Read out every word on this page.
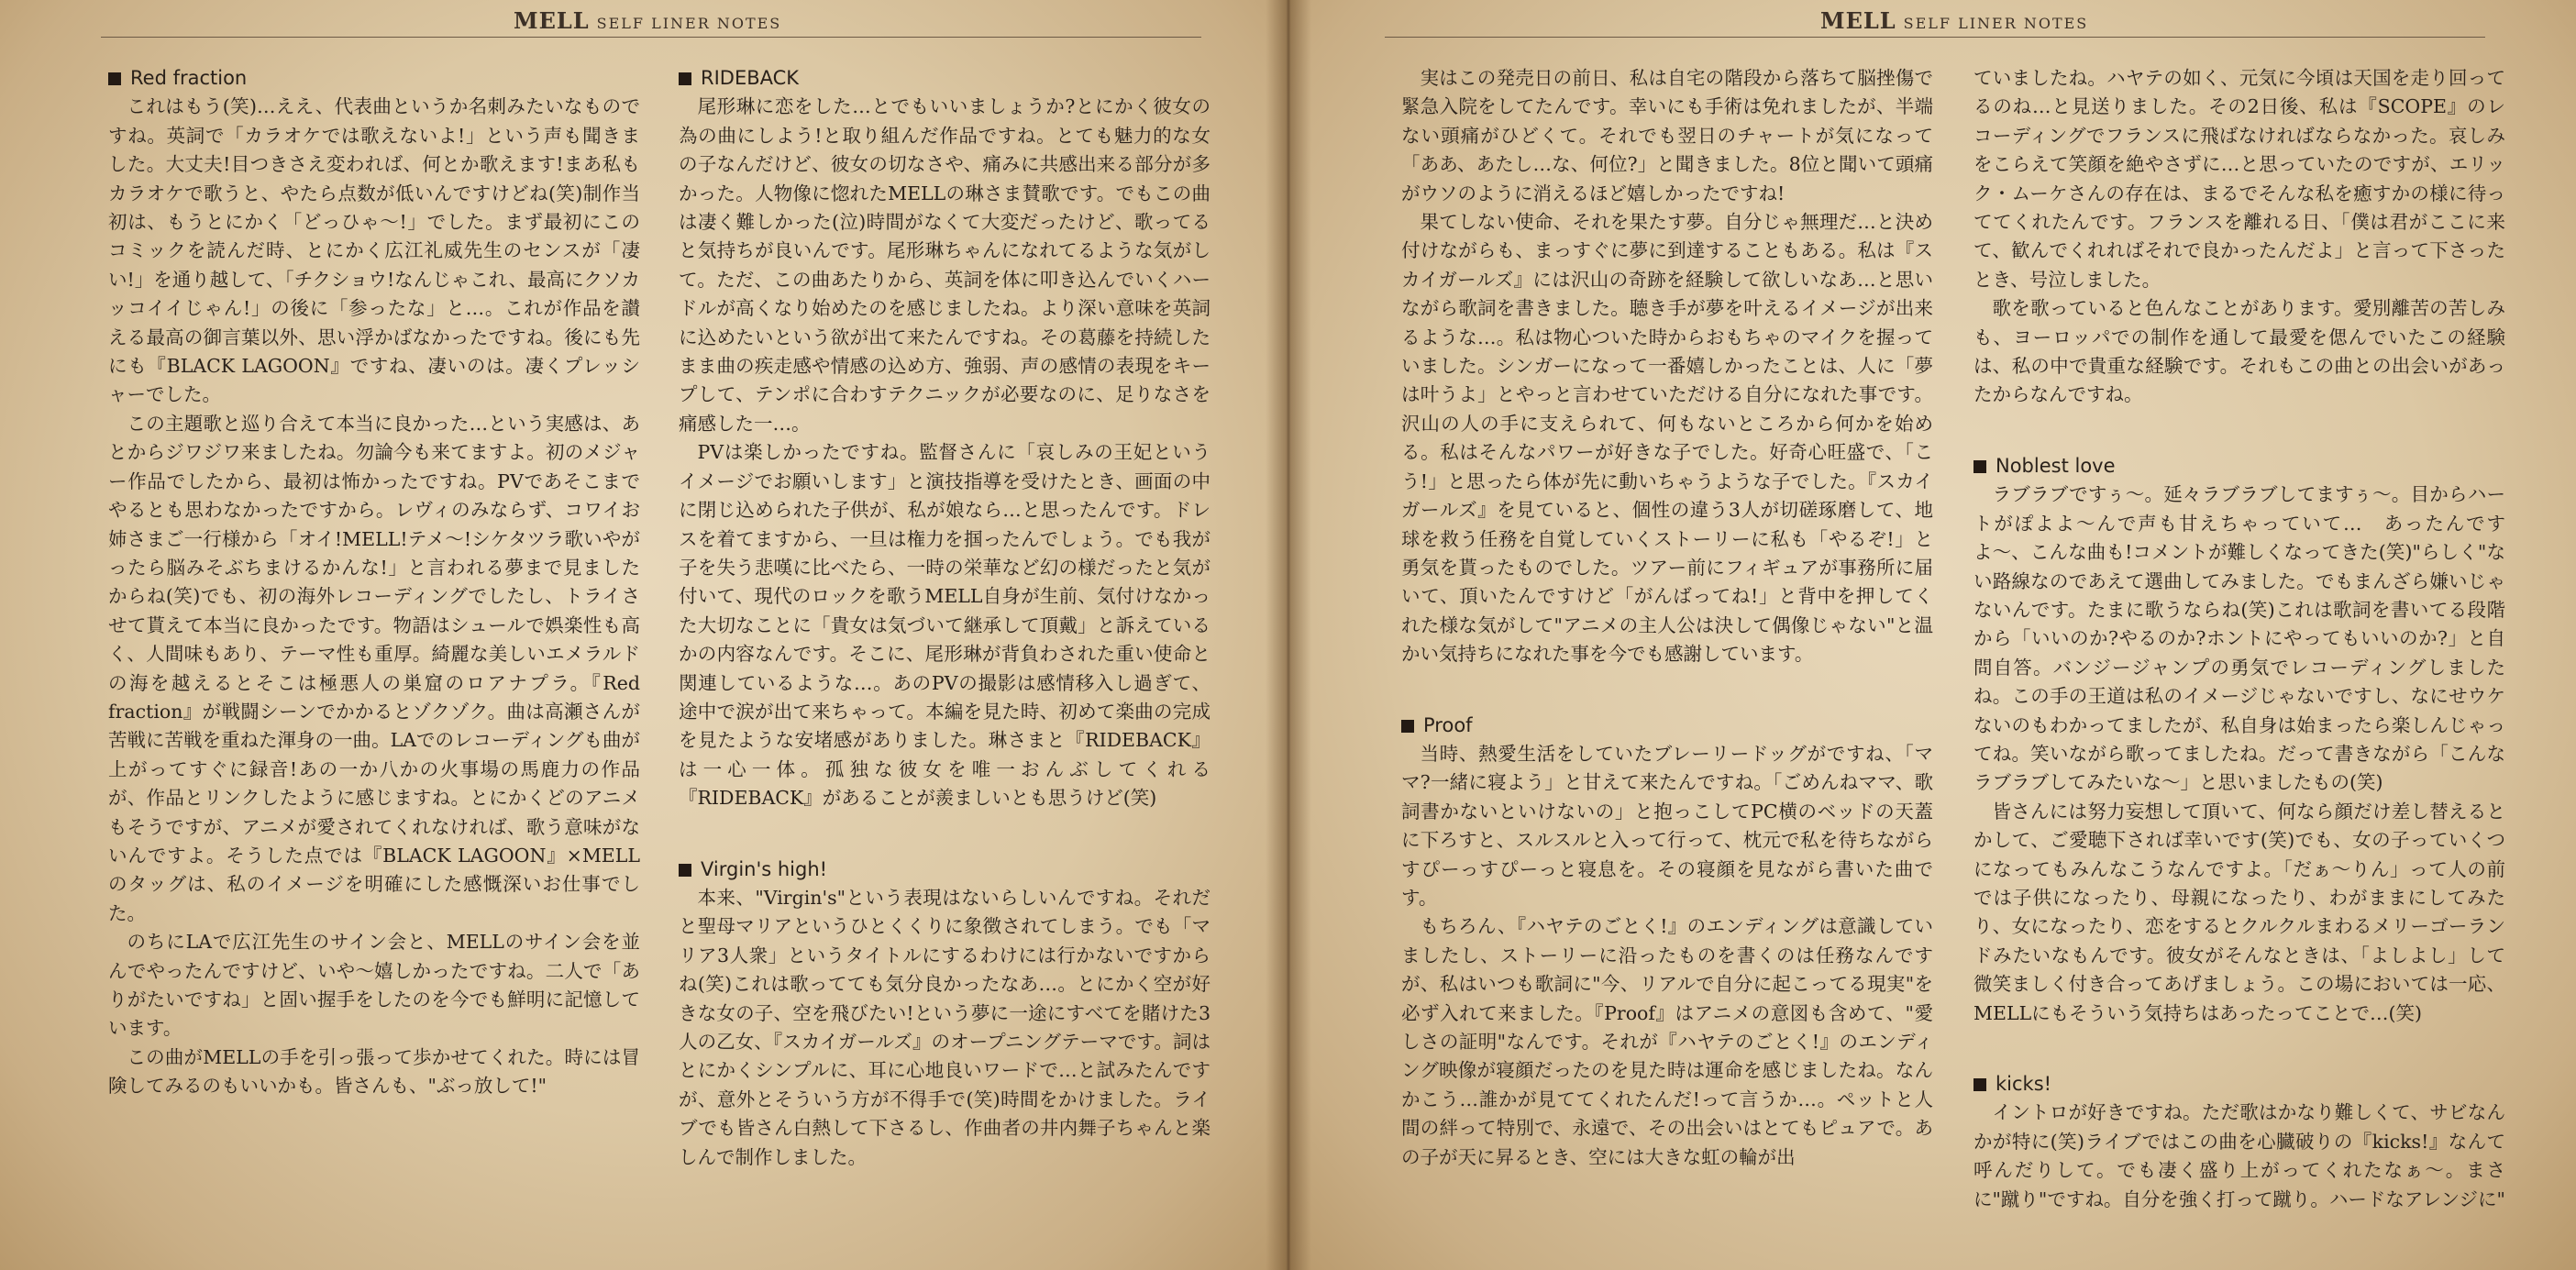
MELL SELF LINER NOTES
Red fraction

これはもう(笑)…ええ、代表曲というか名刺みたいなものですね。英詞で「カラオケでは歌えないよ!」という声も聞きました。大丈夫!目つきさえ変われば、何とか歌えます!まあ私もカラオケで歌うと、やたら点数が低いんですけどね(笑)制作当初は、もうとにかく「どっひゃ〜!」でした。まず最初にこのコミックを読んだ時、とにかく広江礼威先生のセンスが「凄い!」を通り越して、「チクショウ!なんじゃこれ、最高にクソカッコイイじゃん!」の後に「参ったな」と…。これが作品を讃える最高の御言葉以外、思い浮かばなかったですね。後にも先にも『BLACK LAGOON』ですね、凄いのは。凄くプレッシャーでした。

この主題歌と巡り合えて本当に良かった…という実感は、あとからジワジワ来ましたね。勿論今も来てますよ。初のメジャー作品でしたから、最初は怖かったですね。PVであそこまでやるとも思わなかったですから。レヴィのみならず、コワイお姉さまご一行様から「オイ!MELL!テメ〜!シケタツラ歌いやがったら脳みそぶちまけるかんな!」と言われる夢まで見ましたからね(笑)でも、初の海外レコーディングでしたし、トライさせて貰えて本当に良かったです。物語はシュールで娯楽性も高く、人間味もあり、テーマ性も重厚。綺麗な美しいエメラルドの海を越えるとそこは極悪人の巣窟のロアナプラ。『Red fraction』が戦闘シーンでかかるとゾクゾク。曲は高瀬さんが苦戦に苦戦を重ねた渾身の一曲。LAでのレコーディングも曲が上がってすぐに録音!あの一か八かの火事場の馬鹿力の作品が、作品とリンクしたように感じますね。とにかくどのアニメもそうですが、アニメが愛されてくれなければ、歌う意味がないんですよ。そうした点では『BLACK LAGOON』×MELLのタッグは、私のイメージを明確にした感慨深いお仕事でした。

のちにLAで広江先生のサイン会と、MELLのサイン会を並んでやったんですけど、いや〜嬉しかったですね。二人で「ありがたいですね」と固い握手をしたのを今でも鮮明に記憶しています。

この曲がMELLの手を引っ張って歩かせてくれた。時には冒険してみるのもいいかも。皆さんも、"ぶっ放して!"

RIDEBACK

尾形琳に恋をした…とでもいいましょうか?とにかく彼女の為の曲にしよう!と取り組んだ作品ですね。とても魅力的な女の子なんだけど、彼女の切なさや、痛みに共感出来る部分が多かった。人物像に惚れたMELLの琳さま賛歌です。でもこの曲は凄く難しかった(泣)時間がなくて大変だったけど、歌ってると気持ちが良いんです。尾形琳ちゃんになれてるような気がして。ただ、この曲あたりから、英詞を体に叩き込んでいくハードルが高くなり始めたのを感じましたね。より深い意味を英詞に込めたいという欲が出て来たんですね。その葛藤を持続したまま曲の疾走感や情感の込め方、強弱、声の感情の表現をキープして、テンポに合わすテクニックが必要なのに、足りなさを痛感した一…。

PVは楽しかったですね。監督さんに「哀しみの王妃というイメージでお願いします」と演技指導を受けたとき、画面の中に閉じ込められた子供が、私が娘なら…と思ったんです。ドレスを着てますから、一旦は権力を掴ったんでしょう。でも我が子を失う悲嘆に比べたら、一時の栄華など幻の様だったと気が付いて、現代のロックを歌うMELL自身が生前、気付けなかった大切なことに「貴女は気づいて継承して頂戴」と訴えているかの内容なんです。そこに、尾形琳が背負わされた重い使命と関連しているような…。あのPVの撮影は感情移入し過ぎて、途中で涙が出て来ちゃって。本編を見た時、初めて楽曲の完成を見たような安堵感がありました。琳さまと『RIDEBACK』は一心一体。孤独な彼女を唯一おんぶしてくれる『RIDEBACK』があることが羨ましいとも思うけど(笑)

Virgin's high!

本来、"Virgin's"という表現はないらしいんですね。それだと聖母マリアというひとくくりに象徴されてしまう。でも「マリア3人衆」というタイトルにするわけには行かないですからね(笑)これは歌ってても気分良かったなあ…。とにかく空が好きな女の子、空を飛びたい!という夢に一途にすべてを賭けた3人の乙女、『スカイガールズ』のオープニングテーマです。詞はとにかくシンプルに、耳に心地良いワードで…と試みたんですが、意外とそういう方が不得手で(笑)時間をかけました。ライブでも皆さん白熱して下さるし、作曲者の井内舞子ちゃんと楽しんで制作しました。

MELL SELF LINER NOTES

実はこの発売日の前日、私は自宅の階段から落ちて脳挫傷で緊急入院をしてたんです。幸いにも手術は免れましたが、半端ない頭痛がひどくて。それでも翌日のチャートが気になって「ああ、あたし…な、何位?」と聞きました。8位と聞いて頭痛がウソのように消えるほど嬉しかったですね!

果てしない使命、それを果たす夢。自分じゃ無理だ…と決め付けながらも、まっすぐに夢に到達することもある。私は『スカイガールズ』には沢山の奇跡を経験して欲しいなあ…と思いながら歌詞を書きました。聴き手が夢を叶えるイメージが出来るような…。私は物心ついた時からおもちゃのマイクを握っていました。シンガーになって一番嬉しかったことは、人に「夢は叶うよ」とやっと言わせていただける自分になれた事です。沢山の人の手に支えられて、何もないところから何かを始める。私はそんなパワーが好きな子でした。好奇心旺盛で、「こう!」と思ったら体が先に動いちゃうような子でした。『スカイガールズ』を見ていると、個性の違う3人が切磋琢磨して、地球を救う任務を自覚していくストーリーに私も「やるぞ!」と勇気を貰ったものでした。ツアー前にフィギュアが事務所に届いて、頂いたんですけど「がんばってね!」と背中を押してくれた様な気がして"アニメの主人公は決して偶像じゃない"と温かい気持ちになれた事を今でも感謝しています。

Proof

当時、熱愛生活をしていたブレーリードッグがですね、「ママ?一緒に寝よう」と甘えて来たんですね。「ごめんねママ、歌詞書かないといけないの」と抱っこしてPC横のベッドの天蓋に下ろすと、スルスルと入って行って、枕元で私を待ちながらすぴーっすぴーっと寝息を。その寝顔を見ながら書いた曲です。

もちろん、『ハヤテのごとく!』のエンディングは意識していましたし、ストーリーに沿ったものを書くのは任務なんですが、私はいつも歌詞に"今、リアルで自分に起こってる現実"を必ず入れて来ました。『Proof』はアニメの意図も含めて、"愛しさの証明"なんです。それが『ハヤテのごとく!』のエンディング映像が寝顔だったのを見た時は運命を感じましたね。なんかこう…誰かが見ててくれたんだ!って言うか…。ペットと人間の絆って特別で、永遠で、その出会いはとてもピュアで。あの子が天に昇るとき、空には大きな虹の輪が出

ていましたね。ハヤテの如く、元気に今頃は天国を走り回ってるのね…と見送りました。その2日後、私は『SCOPE』のレコーディングでフランスに飛ばなければならなかった。哀しみをこらえて笑顔を絶やさずに…と思っていたのですが、エリック・ムーケさんの存在は、まるでそんな私を癒すかの様に待っててくれたんです。フランスを離れる日、「僕は君がここに来て、歓んでくれればそれで良かったんだよ」と言って下さったとき、号泣しました。

歌を歌っていると色んなことがあります。愛別離苦の苦しみも、ヨーロッパでの制作を通して最愛を偲んでいたこの経験は、私の中で貴重な経験です。それもこの曲との出会いがあったからなんですね。

Noblest love

ラブラブですぅ〜。延々ラブラブしてますぅ〜。目からハートがぽよよ〜んで声も甘えちゃっていて…　あったんですよ〜、こんな曲も!コメントが難しくなってきた(笑)"らしく"ない路線なのであえて選曲してみました。でもまんざら嫌いじゃないんです。たまに歌うならね(笑)これは歌詞を書いてる段階から「いいのか?やるのか?ホントにやってもいいのか?」と自問自答。バンジージャンプの勇気でレコーディングしましたね。この手の王道は私のイメージじゃないですし、なにせウケないのもわかってましたが、私自身は始まったら楽しんじゃってね。笑いながら歌ってましたね。だって書きながら「こんなラブラブしてみたいな〜」と思いましたもの(笑)

皆さんには努力妄想して頂いて、何なら顔だけ差し替えるとかして、ご愛聴下されば幸いです(笑)でも、女の子っていくつになってもみんなこうなんですよ。「だぁ〜りん」って人の前では子供になったり、母親になったり、わがままにしてみたり、女になったり、恋をするとクルクルまわるメリーゴーランドみたいなもんです。彼女がそんなときは、「よしよし」して微笑ましく付き合ってあげましょう。この場においては一応、MELLにもそういう気持ちはあったってことで…(笑)

kicks!

イントロが好きですね。ただ歌はかなり難しくて、サビなんかが特に(笑)ライブではこの曲を心臓破りの『kicks!』なんて呼んだりして。でも凄く盛り上がってくれたなぁ〜。まさに"蹴り"ですね。自分を強く打って蹴り。ハードなアレンジに"
